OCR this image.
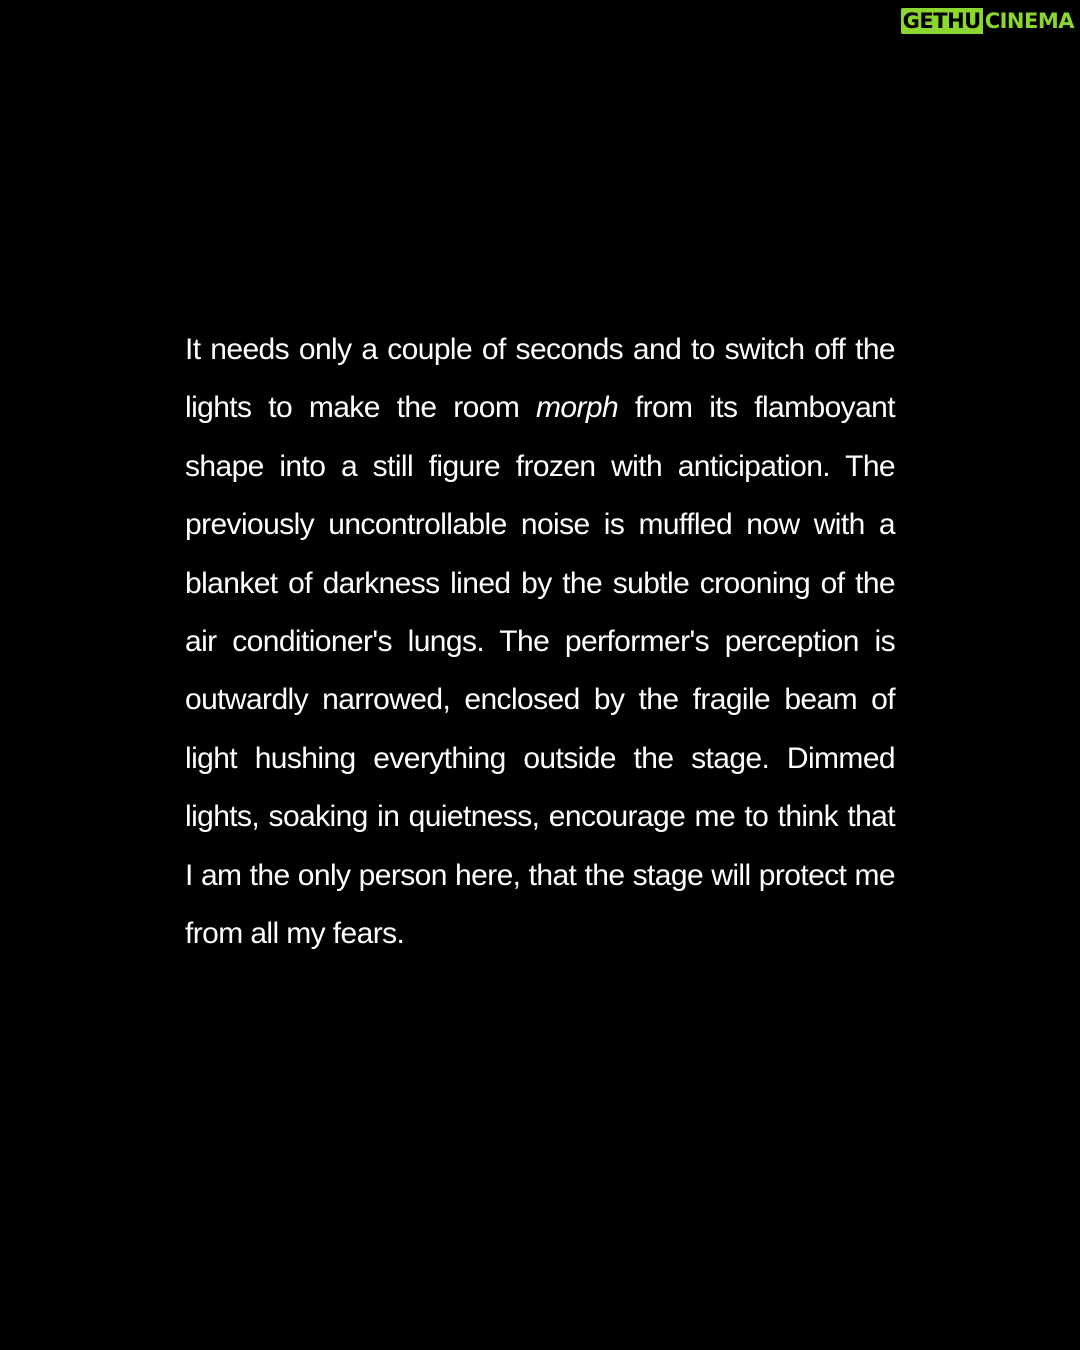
GETHU CINEMA

It needs only a couple of seconds and to switch off the lights to make the room morph from its flamboyant shape into a still figure frozen with anticipation. The previously uncontrollable noise is muffled now with a blanket of darkness lined by the subtle crooning of the air conditioner's lungs. The performer's perception is outwardly narrowed, enclosed by the fragile beam of light hushing everything outside the stage. Dimmed lights, soaking in quietness, encourage me to think that I am the only person here, that the stage will protect me from all my fears.
